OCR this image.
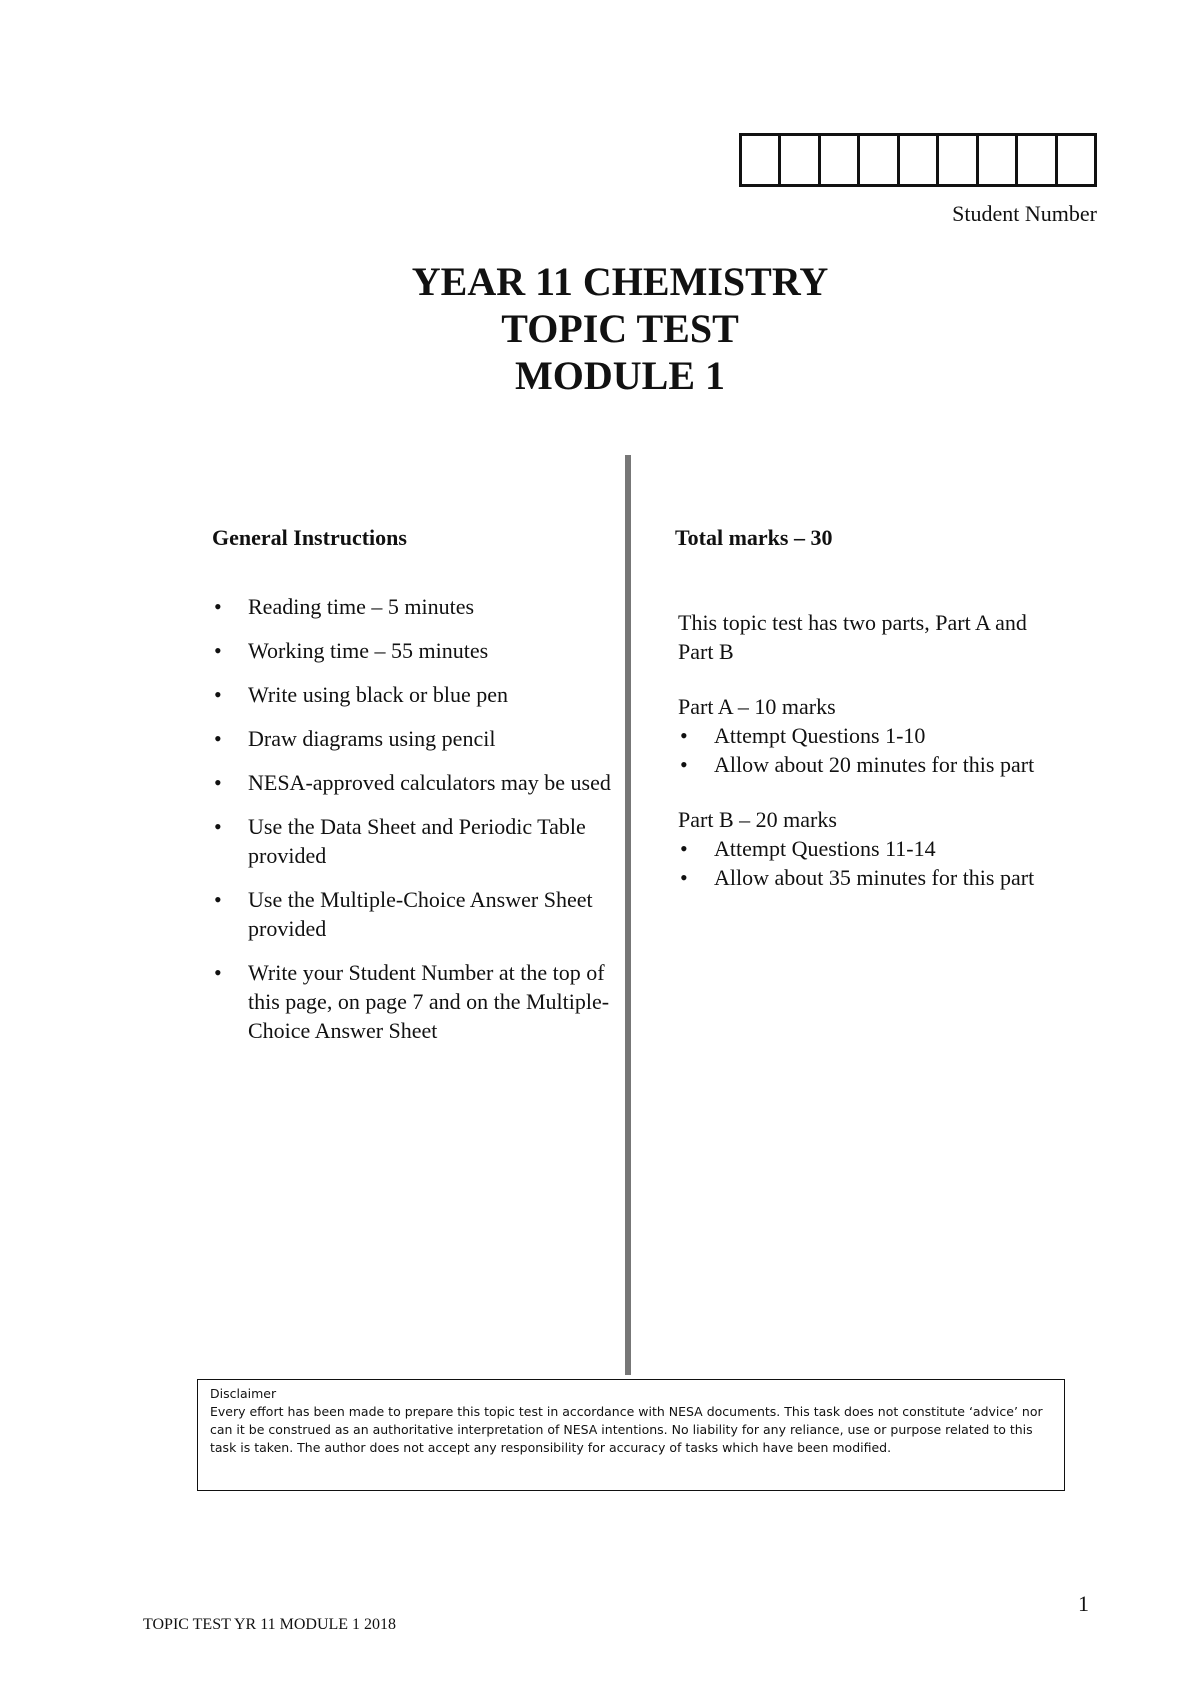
Student Number
YEAR 11 CHEMISTRY
TOPIC TEST
MODULE 1
General Instructions
• Reading time – 5 minutes
• Working time – 55 minutes
• Write using black or blue pen
• Draw diagrams using pencil
• NESA-approved calculators may be used
• Use the Data Sheet and Periodic Table provided
• Use the Multiple-Choice Answer Sheet provided
• Write your Student Number at the top of this page, on page 7 and on the Multiple-Choice Answer Sheet
Total marks – 30

This topic test has two parts, Part A and Part B

Part A – 10 marks

• Attempt Questions 1-10
• Allow about 20 minutes for this part

Part B – 20 marks

• Attempt Questions 11-14
• Allow about 35 minutes for this part
Disclaimer
Every effort has been made to prepare this topic test in accordance with NESA documents. This task does not constitute ‘advice’ nor can it be construed as an authoritative interpretation of NESA intentions. No liability for any reliance, use or purpose related to this task is taken. The author does not accept any responsibility for accuracy of tasks which have been modified.
1
TOPIC TEST YR 11 MODULE 1 2018
